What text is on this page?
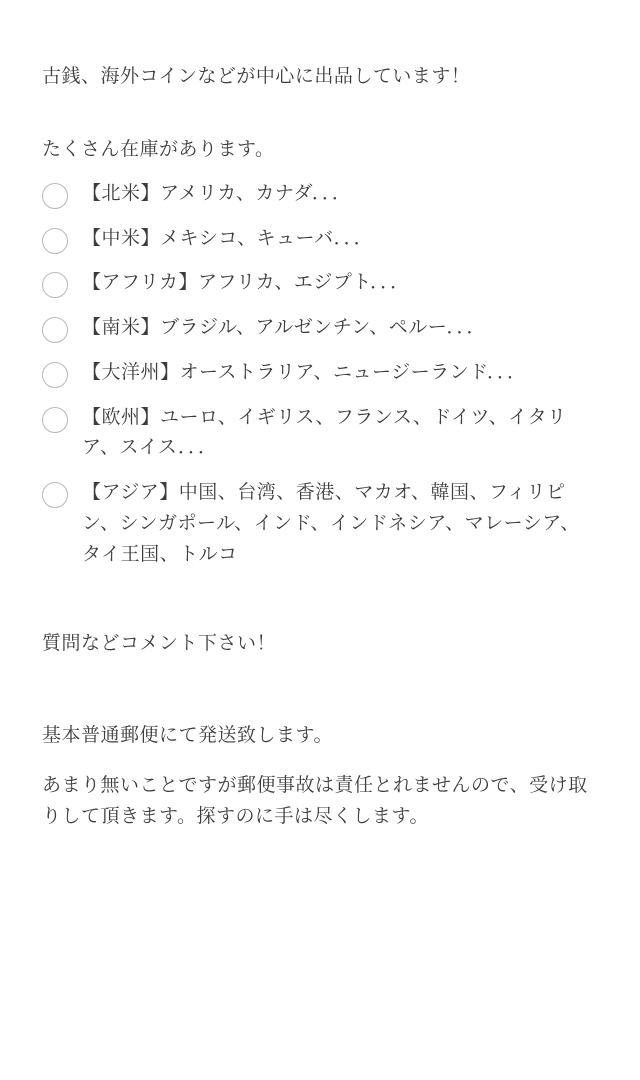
古銭、海外コインなどが中心に出品しています！

たくさん在庫があります。

【北米】アメリカ、カナダ．．．
【中米】メキシコ、キューバ．．．
【アフリカ】アフリカ、エジプト．．．
【南米】ブラジル、アルゼンチン、ペルー．．．
【大洋州】オーストラリア、ニュージーランド．．．
【欧州】ユーロ、イギリス、フランス、ドイツ、イタリア、スイス．．．
【アジア】中国、台湾、香港、マカオ、韓国、フィリピン、シンガポール、インド、インドネシア、マレーシア、タイ王国、トルコ

質問などコメント下さい！

基本普通郵便にて発送致します。

あまり無いことですが郵便事故は責任とれませんので、受け取りして頂きます。探すのに手は尽くします。
